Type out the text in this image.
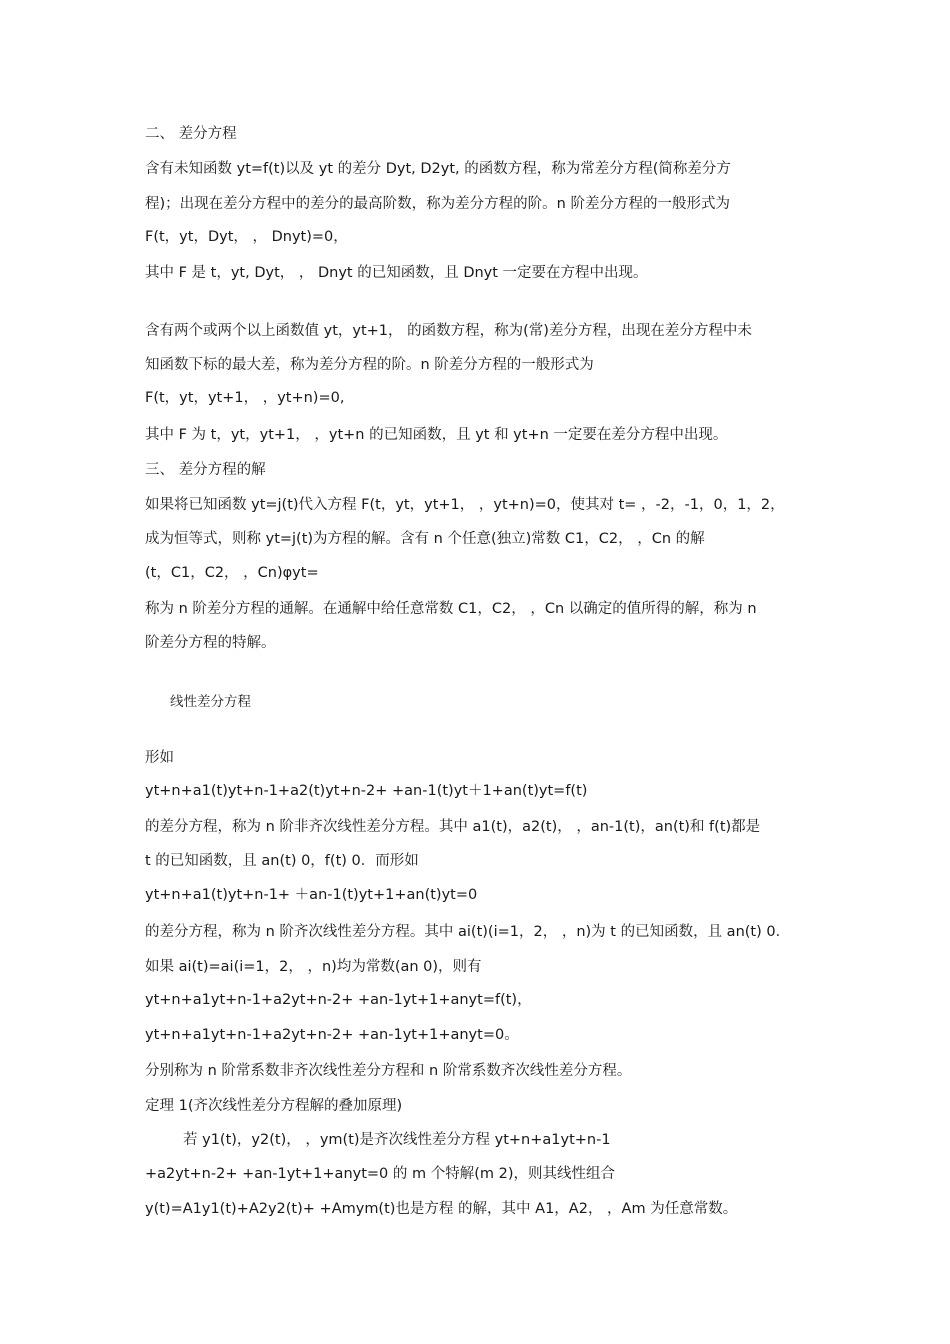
二、 差分方程
含有未知函数 yt=f(t)以及 yt 的差分 Dyt, D2yt, 的函数方程，称为常差分方程(简称差分方
程)；出现在差分方程中的差分的最高阶数，称为差分方程的阶。n 阶差分方程的一般形式为
F(t，yt，Dyt， ， Dnyt)=0，
其中 F 是 t，yt, Dyt， ， Dnyt 的已知函数，且 Dnyt 一定要在方程中出现。
含有两个或两个以上函数值 yt，yt+1， 的函数方程，称为(常)差分方程，出现在差分方程中未
知函数下标的最大差，称为差分方程的阶。n 阶差分方程的一般形式为
F(t，yt，yt+1， ，yt+n)=0,
其中 F 为 t，yt，yt+1， ，yt+n 的已知函数，且 yt 和 yt+n 一定要在差分方程中出现。
三、 差分方程的解
如果将已知函数 yt=j(t)代入方程 F(t，yt，yt+1， ，yt+n)=0，使其对 t= ，-2，-1，0，1，2，
成为恒等式，则称 yt=j(t)为方程的解。含有 n 个任意(独立)常数 C1，C2， ，Cn 的解
(t，C1，C2， ，Cn)φyt=
称为 n 阶差分方程的通解。在通解中给任意常数 C1，C2， ，Cn 以确定的值所得的解，称为 n
阶差分方程的特解。
线性差分方程
形如
yt+n+a1(t)yt+n-1+a2(t)yt+n-2+ +an-1(t)yt＋1+an(t)yt=f(t)
的差分方程，称为 n 阶非齐次线性差分方程。其中 a1(t)，a2(t)， ，an-1(t)，an(t)和 f(t)都是
t 的已知函数，且 an(t) 0，f(t) 0．而形如
yt+n+a1(t)yt+n-1+ ＋an-1(t)yt+1+an(t)yt=0
的差分方程，称为 n 阶齐次线性差分方程。其中 ai(t)(i=1，2， ，n)为 t 的已知函数，且 an(t) 0．
如果 ai(t)=ai(i=1，2， ，n)均为常数(an 0)，则有
yt+n+a1yt+n-1+a2yt+n-2+ +an-1yt+1+anyt=f(t)，
yt+n+a1yt+n-1+a2yt+n-2+ +an-1yt+1+anyt=0。
分别称为 n 阶常系数非齐次线性差分方程和 n 阶常系数齐次线性差分方程。
定理 1(齐次线性差分方程解的叠加原理)
若 y1(t)，y2(t)， ，ym(t)是齐次线性差分方程 yt+n+a1yt+n-1
+a2yt+n-2+ +an-1yt+1+anyt=0 的 m 个特解(m 2)，则其线性组合
y(t)=A1y1(t)+A2y2(t)+ +Amym(t)也是方程 的解，其中 A1，A2， ，Am 为任意常数。
